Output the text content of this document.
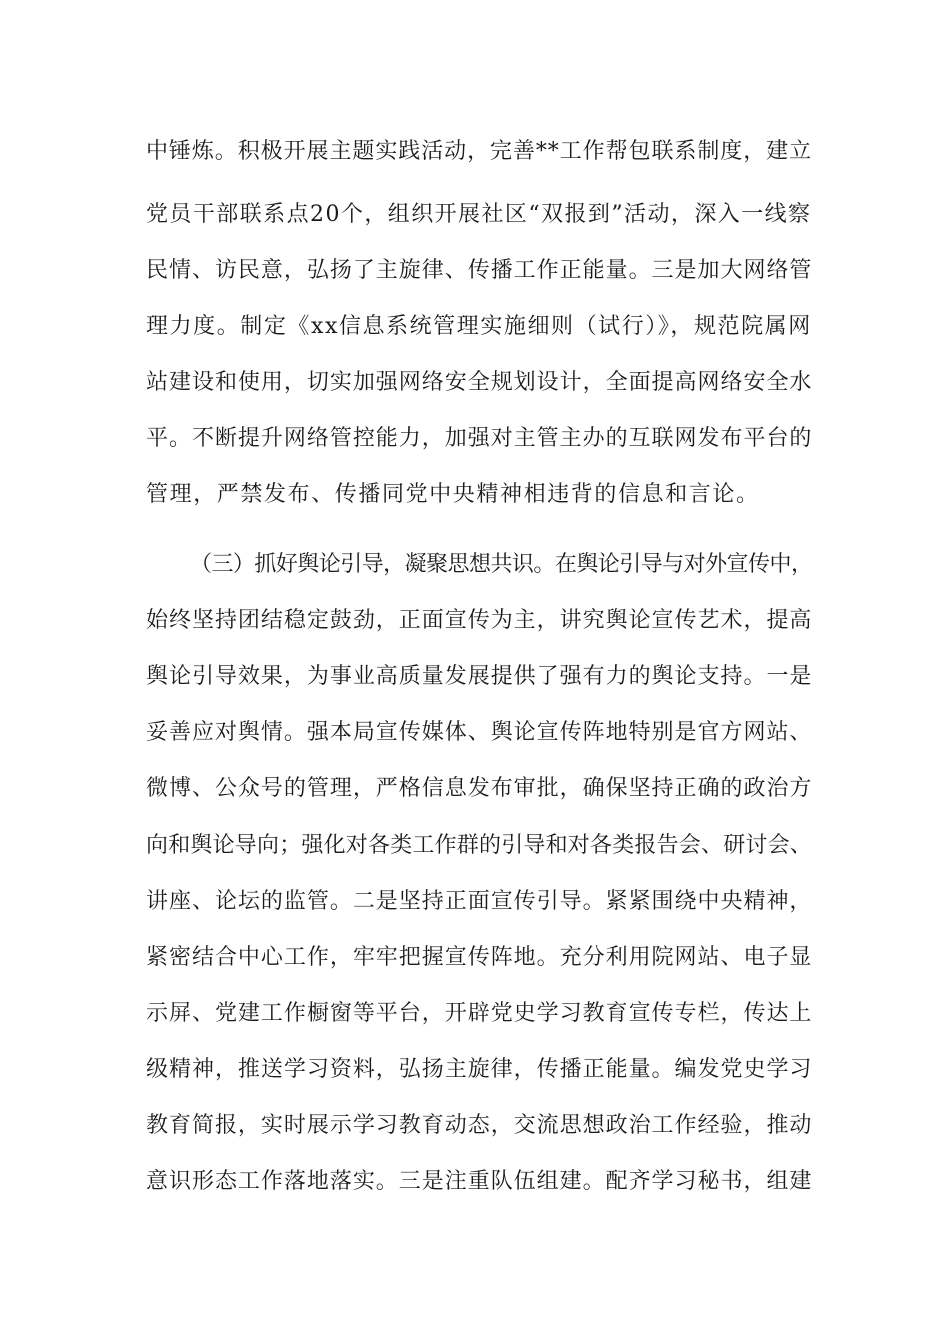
中锤炼。积极开展主题实践活动，完善**工作帮包联系制度，建立
党员干部联系点20个，组织开展社区“双报到”活动，深入一线察
民情、访民意，弘扬了主旋律、传播工作正能量。三是加大网络管
理力度。制定《xx信息系统管理实施细则（试行）》，规范院属网
站建设和使用，切实加强网络安全规划设计，全面提高网络安全水
平。不断提升网络管控能力，加强对主管主办的互联网发布平台的
管理，严禁发布、传播同党中央精神相违背的信息和言论。
（三）抓好舆论引导，凝聚思想共识。在舆论引导与对外宣传中，
始终坚持团结稳定鼓劲，正面宣传为主，讲究舆论宣传艺术，提高
舆论引导效果，为事业高质量发展提供了强有力的舆论支持。一是
妥善应对舆情。强本局宣传媒体、舆论宣传阵地特别是官方网站、
微博、公众号的管理，严格信息发布审批，确保坚持正确的政治方
向和舆论导向；强化对各类工作群的引导和对各类报告会、研讨会、
讲座、论坛的监管。二是坚持正面宣传引导。紧紧围绕中央精神，
紧密结合中心工作，牢牢把握宣传阵地。充分利用院网站、电子显
示屏、党建工作橱窗等平台，开辟党史学习教育宣传专栏，传达上
级精神，推送学习资料，弘扬主旋律，传播正能量。编发党史学习
教育简报，实时展示学习教育动态，交流思想政治工作经验，推动
意识形态工作落地落实。三是注重队伍组建。配齐学习秘书，组建
